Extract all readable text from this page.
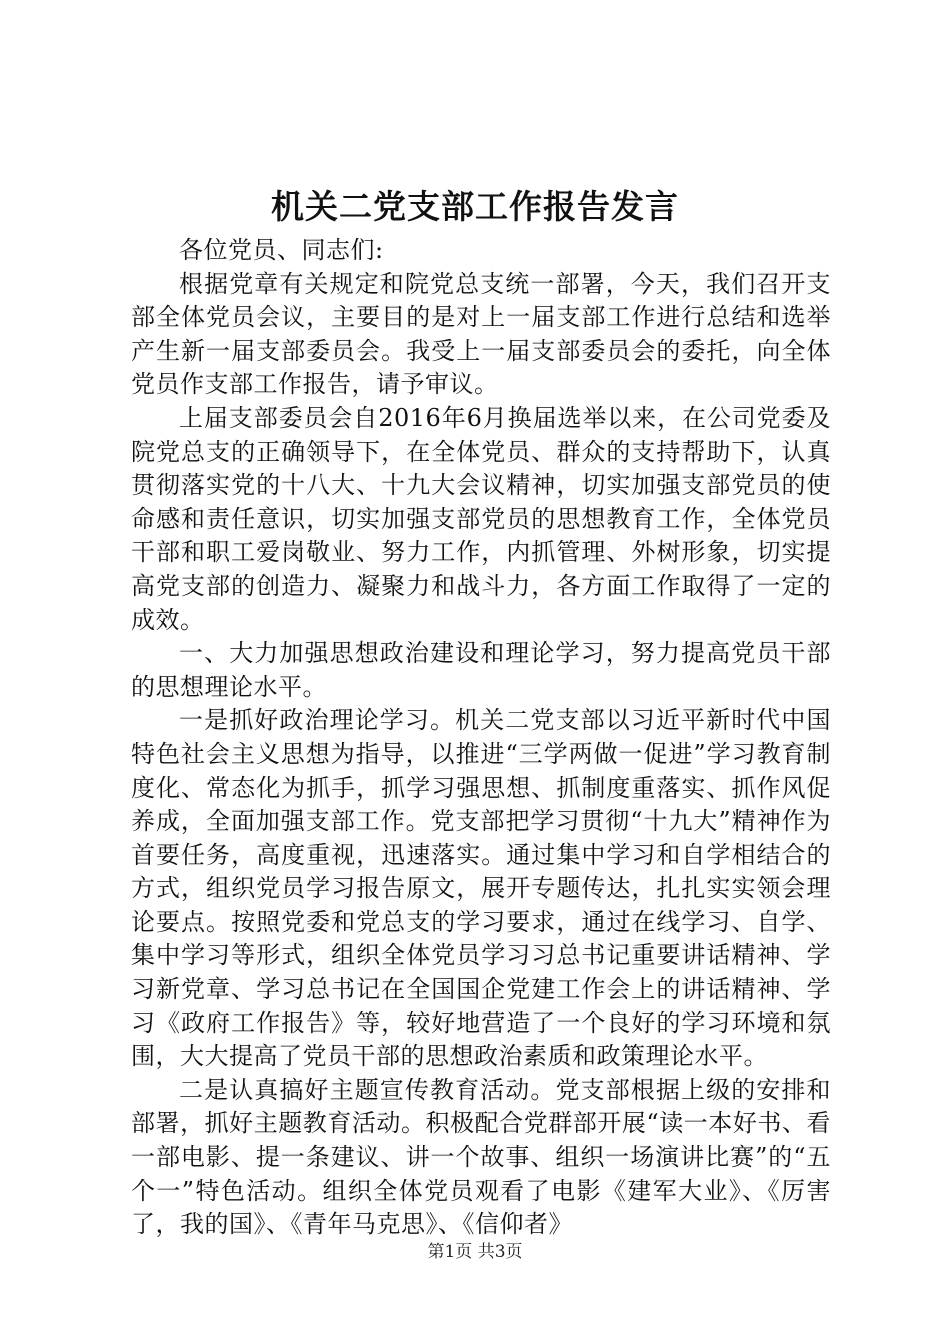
机关二党支部工作报告发言

各位党员、同志们:

根据党章有关规定和院党总支统一部署，今天，我们召开支部全体党员会议，主要目的是对上一届支部工作进行总结和选举产生新一届支部委员会。我受上一届支部委员会的委托，向全体党员作支部工作报告，请予审议。

上届支部委员会自2016年6月换届选举以来，在公司党委及院党总支的正确领导下，在全体党员、群众的支持帮助下，认真贯彻落实党的十八大、十九大会议精神，切实加强支部党员的使命感和责任意识，切实加强支部党员的思想教育工作，全体党员干部和职工爱岗敬业、努力工作，内抓管理、外树形象，切实提高党支部的创造力、凝聚力和战斗力，各方面工作取得了一定的成效。

一、大力加强思想政治建设和理论学习，努力提高党员干部的思想理论水平。

一是抓好政治理论学习。机关二党支部以习近平新时代中国特色社会主义思想为指导，以推进“三学两做一促进”学习教育制度化、常态化为抓手，抓学习强思想、抓制度重落实、抓作风促养成，全面加强支部工作。党支部把学习贯彻“十九大”精神作为首要任务，高度重视，迅速落实。通过集中学习和自学相结合的方式，组织党员学习报告原文，展开专题传达，扎扎实实领会理论要点。按照党委和党总支的学习要求，通过在线学习、自学、集中学习等形式，组织全体党员学习习总书记重要讲话精神、学习新党章、学习总书记在全国国企党建工作会上的讲话精神、学习《政府工作报告》等，较好地营造了一个良好的学习环境和氛围，大大提高了党员干部的思想政治素质和政策理论水平。

二是认真搞好主题宣传教育活动。党支部根据上级的安排和部署，抓好主题教育活动。积极配合党群部开展“读一本好书、看一部电影、提一条建议、讲一个故事、组织一场演讲比赛”的“五个一”特色活动。组织全体党员观看了电影《建军大业》、《厉害了，我的国》、《青年马克思》、《信仰者》

第1页 共3页
